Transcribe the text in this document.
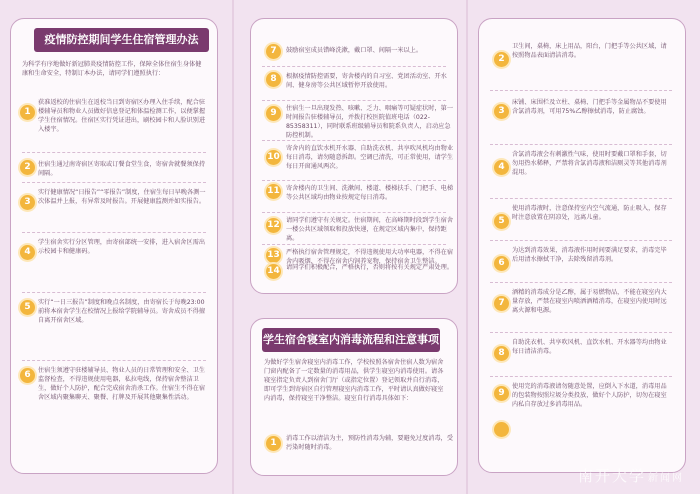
疫情防控期间学生住宿管理办法
为科学有序地做好新冠肺炎疫情防控工作，保障全体住宿生身体健康和生命安全，特制订本办法，请同学们遵照执行：
1
获准返校的住宿生在返校当日到寄宿区办理入住手续，配合驻楼辅导员和物业人员做好信息登记和体温检测工作，以便掌握学生住宿情况。住宿区实行凭证进出，刷校园卡和人脸识别进入楼宇。
2	住宿生通过南寄宿区寄取或订餐食堂生食，寄宿舍就餐须保持间隔。
3
实行健康情况“日报告”“零报告”制度，住宿生每日早晚各测一次体温并上报，有异常及时报告。开展健康监测并如实报告。
4
学生宿舍实行分区管理，由寄宿部统一安排，进入宿舍区需出示校园卡和健康码。
5	实行“一日三报告”制度和晚点名制度，由寄宿长于每晚23:00前将本宿舍学生在校情况上报给学院辅导员。寄舍成员不得擅自离开宿舍区域。
6	住宿生须遵守驻楼辅导员、物业人员的日常管理和安全、卫生监督检查，不得违规使用电器，私拉电线，保持宿舍整洁卫生，做好个人防护，配合完成宿舍消杀工作。住宿生不得在宿舍区域内聚集聊天、聚餐、打牌及开展其他聚集性活动。
7	鼓励宿室成员错峰洗漱，戴口罩、间隔一米以上。
8	根据疫情防控需要，寄舍楼内的自习室、党团活动室、开水间、健身房等公共区域暂停开放使用。
9	住宿生一旦出现发热、咳嗽、乏力、咽痛等可疑症状时，第一时间报告驻楼辅导员，并拨打校医院值班电话（022-85358311），同时联系班级辅导员和院系负责人，启动应急防控机制。
10
寄舍内的直饮水机开水器、自助洗衣机、共享吹风机均由物业每日消毒，请勿随意拆卸。空调已清洗，可正常使用，请学生每日开窗通风两次。
11 寄舍楼内的卫生间、洗漱间、楼道、楼梯扶手、门把手、电梯等公共区域均由物业按规定每日消毒。
12 请同学们遵守有关规定。住宿期间，在高峰期时段到学生宿舍一楼公共区域领取和投放快递，在规定区域内集中，保持距离。
13 严格执行宿舍管理规定，不得违规使用大功率电器，不得在宿舍内吸烟，不得在宿舍内饲养宠物，保持宿舍卫生整洁。
14 请同学们积极配合，严格执行，否则将按有关规定严肃处理。
学生宿舍寝室内消毒流程和注意事项
为做好学生宿舍寝室内消毒工作，学校按照各宿舍住宿人数为宿舍门窗内配备了一定数量的消毒用品，供学生寝室内消毒使用。请各寝室指定负责人到宿舍门厅（或指定位置）登记领取并自行消毒，即可学生到寄宿区自行管理寝室内消毒工作，平时请认真做好寝室内消毒，保持寝室干净整洁。寝室自行消毒具体如下：
1	消毒工作以清洁为主，预防性消毒为辅，要避免过度消毒，受污染时随时消毒。
2
卫生间，桌椅，床上用品，阳台，门把手等公共区域，请按照物品表面清洁消毒。
3
床铺、床围栏及立柱、桌椅、门把手等金属物品不要使用含氯消毒剂，可用75%乙醇擦拭消毒，防止腐蚀。
4
含氯消毒液会有刺激性气味，使用时要戴口罩和手套，切勿用热水稀释，严禁将含氯消毒液和洁厕灵等其他消毒剂混用。
5
使用消毒液时，注意保持室内空气流通，防止吸入，保存时注意放置在阴凉处，远离儿童。
6
为达到消毒效果，消毒液作用时间要满足要求，消毒完毕后用清水擦拭干净，去除残留消毒剂。
7
酒精的消毒成分是乙醇，属于易燃物品，不能在寝室内大量存放，严禁在寝室内喷洒酒精消毒，在寝室内使用时远离火源和电源。
8
自助洗衣机、共享吹风机、直饮水机、开水器等均由物业每日清洁消毒。
9
使用完的消毒液请勿随意处置，应倒入下水道，消毒用品的包装物按照垃圾分类投放，做好个人防护，切勿在寝室内私自存放过多消毒用品。
南开大学 新闻网
